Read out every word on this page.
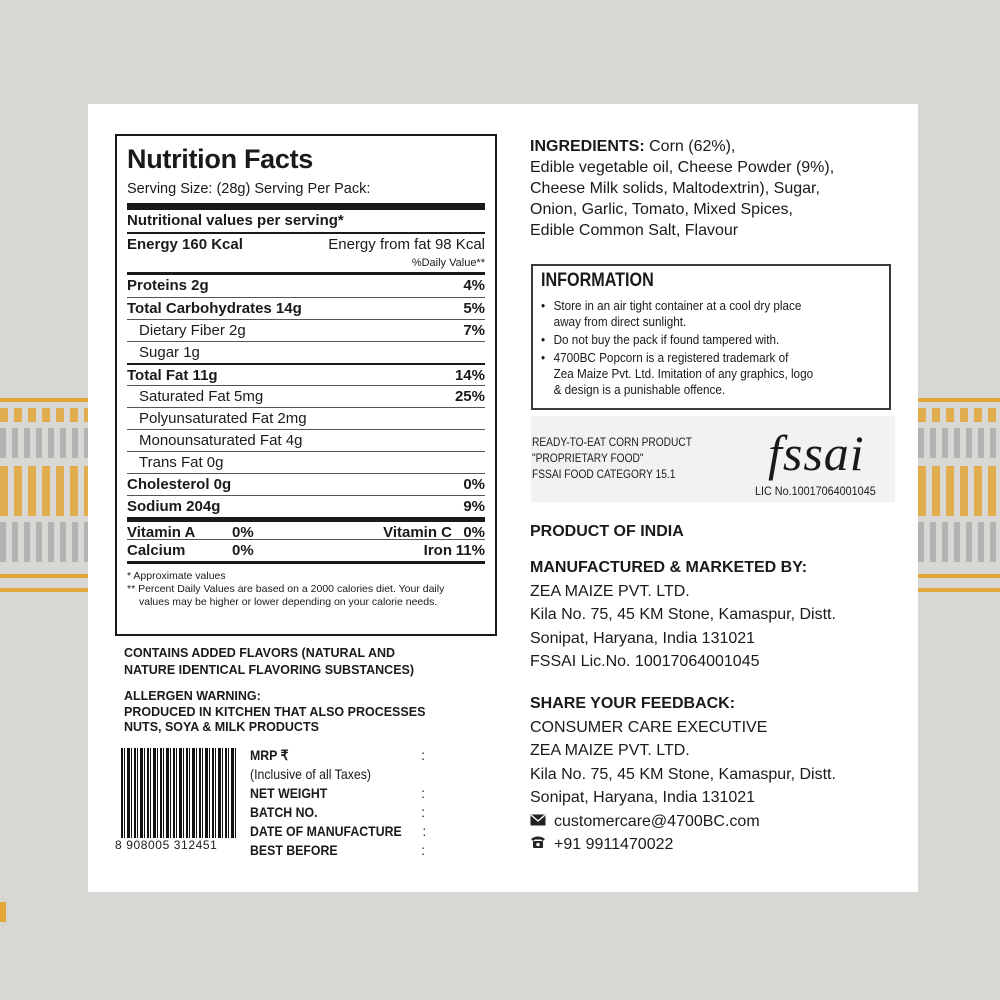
Nutrition Facts
Serving Size: (28g) Serving Per Pack:
Nutritional values per serving*
Energy 160 Kcal	Energy from fat 98 Kcal
%Daily Value**
Proteins 2g	4%
Total Carbohydrates 14g	5%
Dietary Fiber 2g	7%
Sugar 1g
Total Fat 11g	14%
Saturated Fat 5mg	25%
Polyunsaturated Fat 2mg
Monounsaturated Fat 4g
Trans Fat 0g
Cholesterol 0g	0%
Sodium 204g	9%
Vitamin A	0%	Vitamin C 0%
Calcium	0%	Iron 11%
* Approximate values
** Percent Daily Values are based on a 2000 calories diet. Your daily
values may be higher or lower depending on your calorie needs.
CONTAINS ADDED FLAVORS (NATURAL AND
NATURE IDENTICAL FLAVORING SUBSTANCES)
ALLERGEN WARNING:
PRODUCED IN KITCHEN THAT ALSO PROCESSES
NUTS, SOYA & MILK PRODUCTS
8 908005 312451
MRP ₹	:
(Inclusive of all Taxes)
NET WEIGHT	:
BATCH NO.	:
DATE OF MANUFACTURE :
BEST BEFORE	:
INGREDIENTS: Corn (62%),
Edible vegetable oil, Cheese Powder (9%),
Cheese Milk solids, Maltodextrin), Sugar,
Onion, Garlic, Tomato, Mixed Spices,
Edible Common Salt, Flavour
INFORMATION
• Store in an air tight container at a cool dry place
away from direct sunlight.
• Do not buy the pack if found tampered with.
• 4700BC Popcorn is a registered trademark of
Zea Maize Pvt. Ltd. Imitation of any graphics, logo
& design is a punishable offence.
READY-TO-EAT CORN PRODUCT
"PROPRIETARY FOOD"
FSSAI FOOD CATEGORY 15.1	fssai
LIC No.10017064001045
PRODUCT OF INDIA
MANUFACTURED & MARKETED BY:
ZEA MAIZE PVT. LTD.
Kila No. 75, 45 KM Stone, Kamaspur, Distt.
Sonipat, Haryana, India 131021
FSSAI Lic.No. 10017064001045
SHARE YOUR FEEDBACK:
CONSUMER CARE EXECUTIVE
ZEA MAIZE PVT. LTD.
Kila No. 75, 45 KM Stone, Kamaspur, Distt.
Sonipat, Haryana, India 131021
customercare@4700BC.com
+91 9911470022
